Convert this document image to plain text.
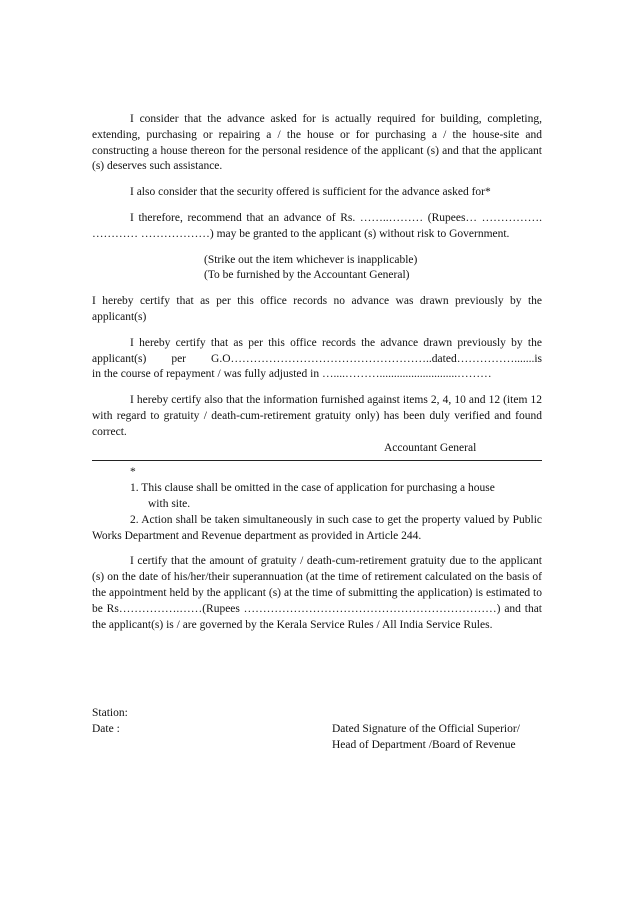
I consider that the advance asked for is actually required for building, completing, extending, purchasing or repairing a / the house or for purchasing a / the house-site and constructing a house thereon for the personal residence of the applicant (s) and that the applicant (s) deserves such assistance.

I also consider that the security offered is sufficient for the advance asked for*

I therefore, recommend that an advance of Rs. ……..……… (Rupees… ……………. ………… ………………) may be granted to the applicant (s) without risk to Government.

(Strike out the item whichever is inapplicable)

(To be furnished by the Accountant General)

I hereby certify that as per this office records no advance was drawn previously by the applicant(s)

I hereby certify that as per this office records the advance drawn previously by the applicant(s) per G.O……………………………………………..dated…………….......is

in the course of repayment / was fully adjusted in …....………...........................………

I hereby certify also that the information furnished against items 2, 4, 10 and 12 (item 12 with regard to gratuity / death-cum-retirement gratuity only) has been duly verified and found correct.

Accountant General

*

1. This clause shall be omitted in the case of application for purchasing a house

with site.

2. Action shall be taken simultaneously in such case to get the property valued by Public Works Department and Revenue department as provided in Article 244.

I certify that the amount of gratuity / death-cum-retirement gratuity due to the applicant (s) on the date of his/her/their superannuation (at the time of retirement calculated on the basis of the appointment held by the applicant (s) at the time of submitting the application) is estimated to be Rs…………….……(Rupees …………………………………………………………) and that the applicant(s) is / are governed by the Kerala Service Rules / All India Service Rules.

Station:

Date :	Dated Signature of the Official Superior/

Head of Department /Board of Revenue
